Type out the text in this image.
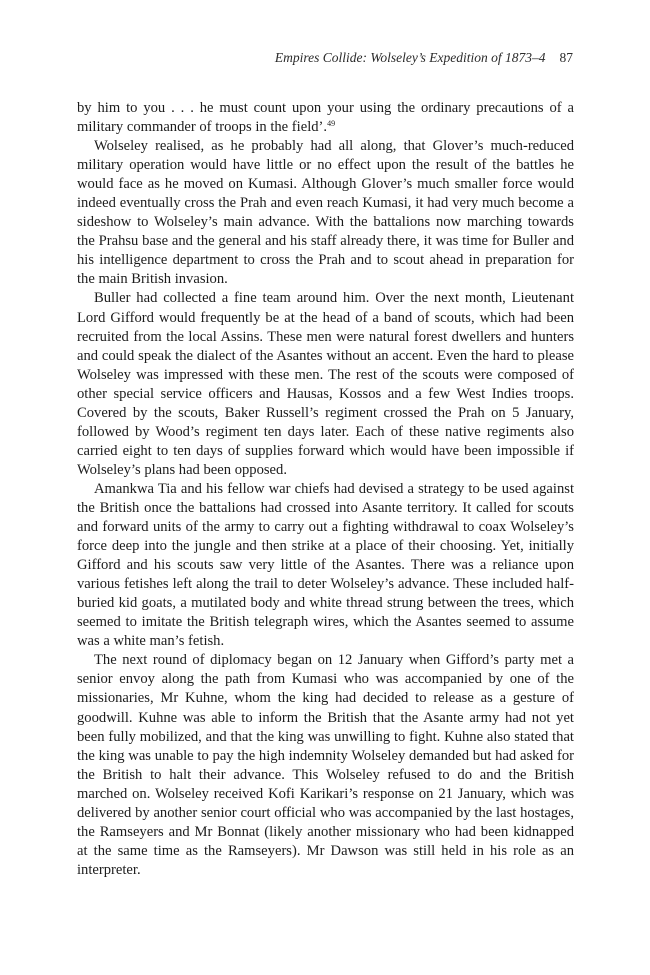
Empires Collide: Wolseley’s Expedition of 1873–4 87

by him to you . . . he must count upon your using the ordinary precautions of a military commander of troops in the field’.$^{49}$

Wolseley realised, as he probably had all along, that Glover’s much-reduced military operation would have little or no effect upon the result of the battles he would face as he moved on Kumasi. Although Glover’s much smaller force would indeed eventually cross the Prah and even reach Kumasi, it had very much become a sideshow to Wolseley’s main advance. With the battalions now marching towards the Prahsu base and the general and his staff already there, it was time for Buller and his intelligence department to cross the Prah and to scout ahead in preparation for the main British invasion.

Buller had collected a fine team around him. Over the next month, Lieutenant Lord Gifford would frequently be at the head of a band of scouts, which had been recruited from the local Assins. These men were natural forest dwellers and hunters and could speak the dialect of the Asantes without an accent. Even the hard to please Wolseley was impressed with these men. The rest of the scouts were composed of other special service officers and Hausas, Kossos and a few West Indies troops. Covered by the scouts, Baker Russell’s regiment crossed the Prah on 5 January, followed by Wood’s regiment ten days later. Each of these native regiments also carried eight to ten days of supplies forward which would have been impossible if Wolseley’s plans had been opposed.

Amankwa Tia and his fellow war chiefs had devised a strategy to be used against the British once the battalions had crossed into Asante territory. It called for scouts and forward units of the army to carry out a fighting withdrawal to coax Wolseley’s force deep into the jungle and then strike at a place of their choosing. Yet, initially Gifford and his scouts saw very little of the Asantes. There was a reliance upon various fetishes left along the trail to deter Wolseley’s advance. These included half-buried kid goats, a mutilated body and white thread strung between the trees, which seemed to imitate the British telegraph wires, which the Asantes seemed to assume was a white man’s fetish.

The next round of diplomacy began on 12 January when Gifford’s party met a senior envoy along the path from Kumasi who was accompanied by one of the missionaries, Mr Kuhne, whom the king had decided to release as a gesture of goodwill. Kuhne was able to inform the British that the Asante army had not yet been fully mobilized, and that the king was unwilling to fight. Kuhne also stated that the king was unable to pay the high indemnity Wolseley demanded but had asked for the British to halt their advance. This Wolseley refused to do and the British marched on. Wolseley received Kofi Karikari’s response on 21 January, which was delivered by another senior court official who was accompanied by the last hostages, the Ramseyers and Mr Bonnat (likely another missionary who had been kidnapped at the same time as the Ramseyers). Mr Dawson was still held in his role as an interpreter.
